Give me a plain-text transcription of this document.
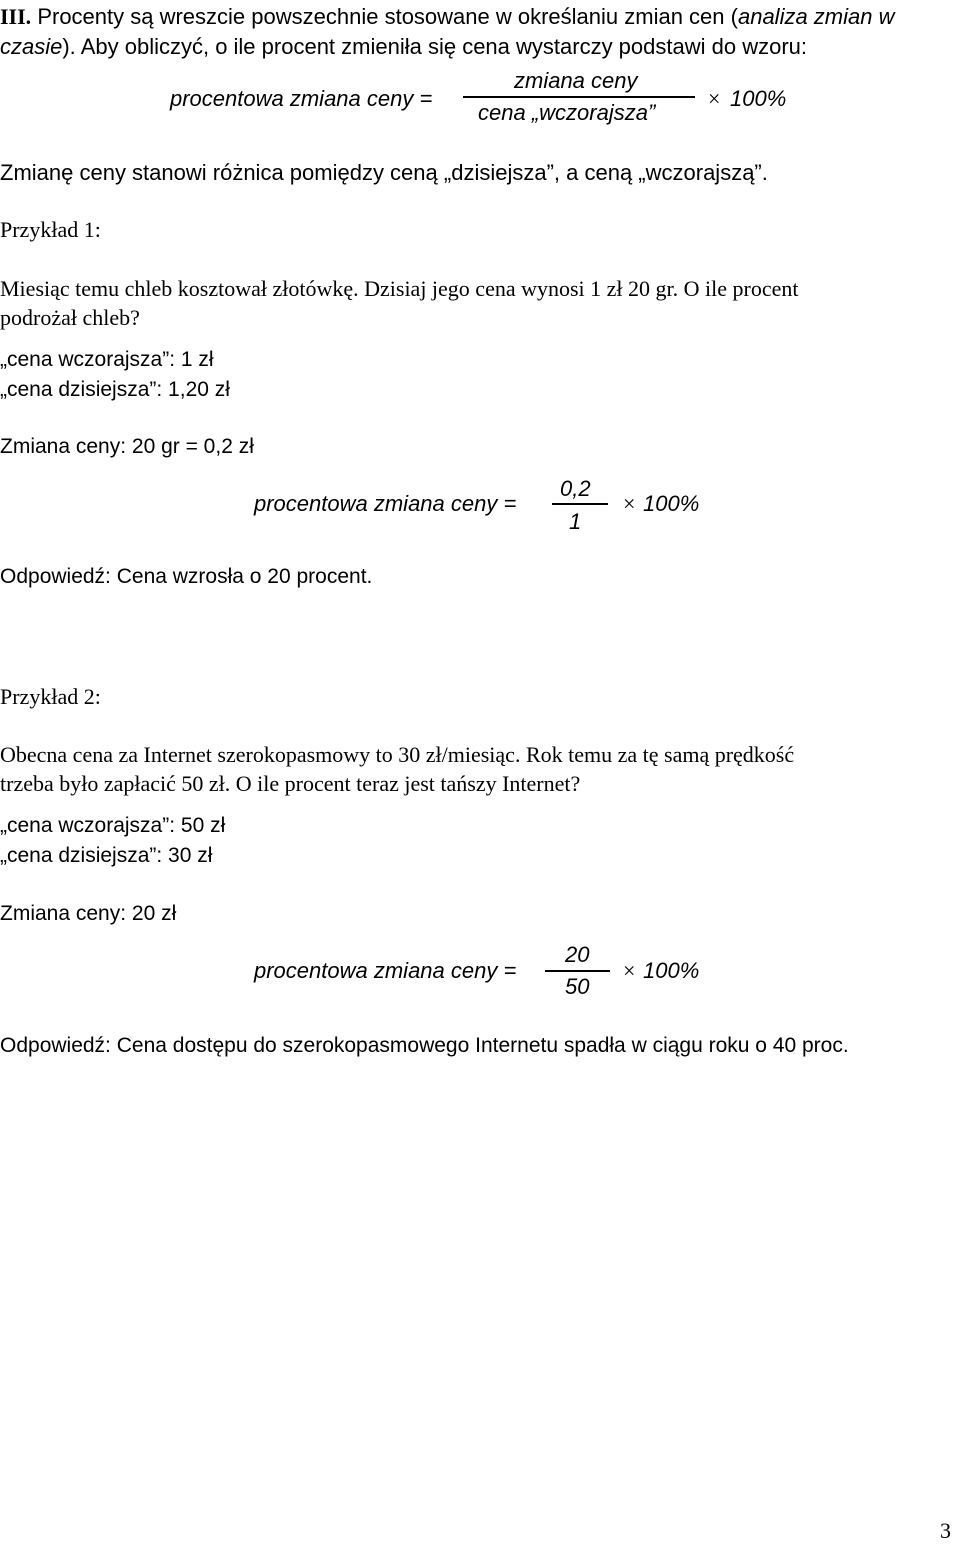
III. Procenty są wreszcie powszechnie stosowane w określaniu zmian cen (analiza zmian w
czasie). Aby obliczyć, o ile procent zmieniła się cena wystarczy podstawi do wzoru:
procentowa zmiana ceny =
zmiana ceny
cena „wczorajsza”
× 100%
Zmianę ceny stanowi różnica pomiędzy ceną „dzisiejsza”, a ceną „wczorajszą”.
Przykład 1:
Miesiąc temu chleb kosztował złotówkę. Dzisiaj jego cena wynosi 1 zł 20 gr. O ile procent
podrożał chleb?
„cena wczorajsza”: 1 zł
„cena dzisiejsza”: 1,20 zł
Zmiana ceny: 20 gr = 0,2 zł
procentowa zmiana ceny =
0,2
1
× 100%
Odpowiedź: Cena wzrosła o 20 procent.
Przykład 2:
Obecna cena za Internet szerokopasmowy to 30 zł/miesiąc. Rok temu za tę samą prędkość
trzeba było zapłacić 50 zł. O ile procent teraz jest tańszy Internet?
„cena wczorajsza”: 50 zł
„cena dzisiejsza”: 30 zł
Zmiana ceny: 20 zł
procentowa zmiana ceny =
20
50
× 100%
Odpowiedź: Cena dostępu do szerokopasmowego Internetu spadła w ciągu roku o 40 proc.
3
